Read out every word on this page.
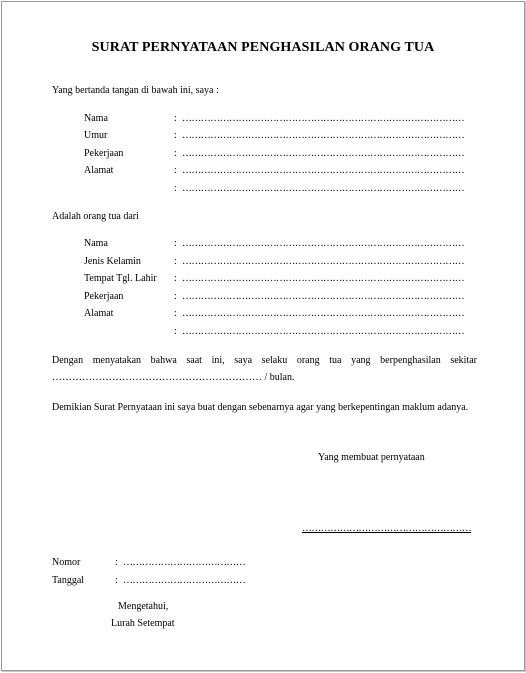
SURAT PERNYATAAN PENGHASILAN ORANG TUA
Yang bertanda tangan di bawah ini, saya :
Nama	: ………………………………………………………………………………
Umur	: ………………………………………………………………………………
Pekerjaan	: ………………………………………………………………………………
Alamat	: ………………………………………………………………………………
: ………………………………………………………………………………
Adalah orang tua dari
Nama	: ………………………………………………………………………………
Jenis Kelamin	: ………………………………………………………………………………
Tempat Tgl. Lahir : ………………………………………………………………………………
Pekerjaan	: ………………………………………………………………………………
Alamat	: ………………………………………………………………………………
: ………………………………………………………………………………
Dengan menyatakan bahwa saat ini, saya selaku orang tua yang berpenghasilan sekitar ……………………………………………………… / bulan.
Demikian Surat Pernyataan ini saya buat dengan sebenarnya agar yang berkepentingan maklum adanya.
Yang membuat pernyataan
………………………………………………
Nomor	: …………………………………
Tanggal	: …………………………………
Mengetahui,
Lurah Setempat
